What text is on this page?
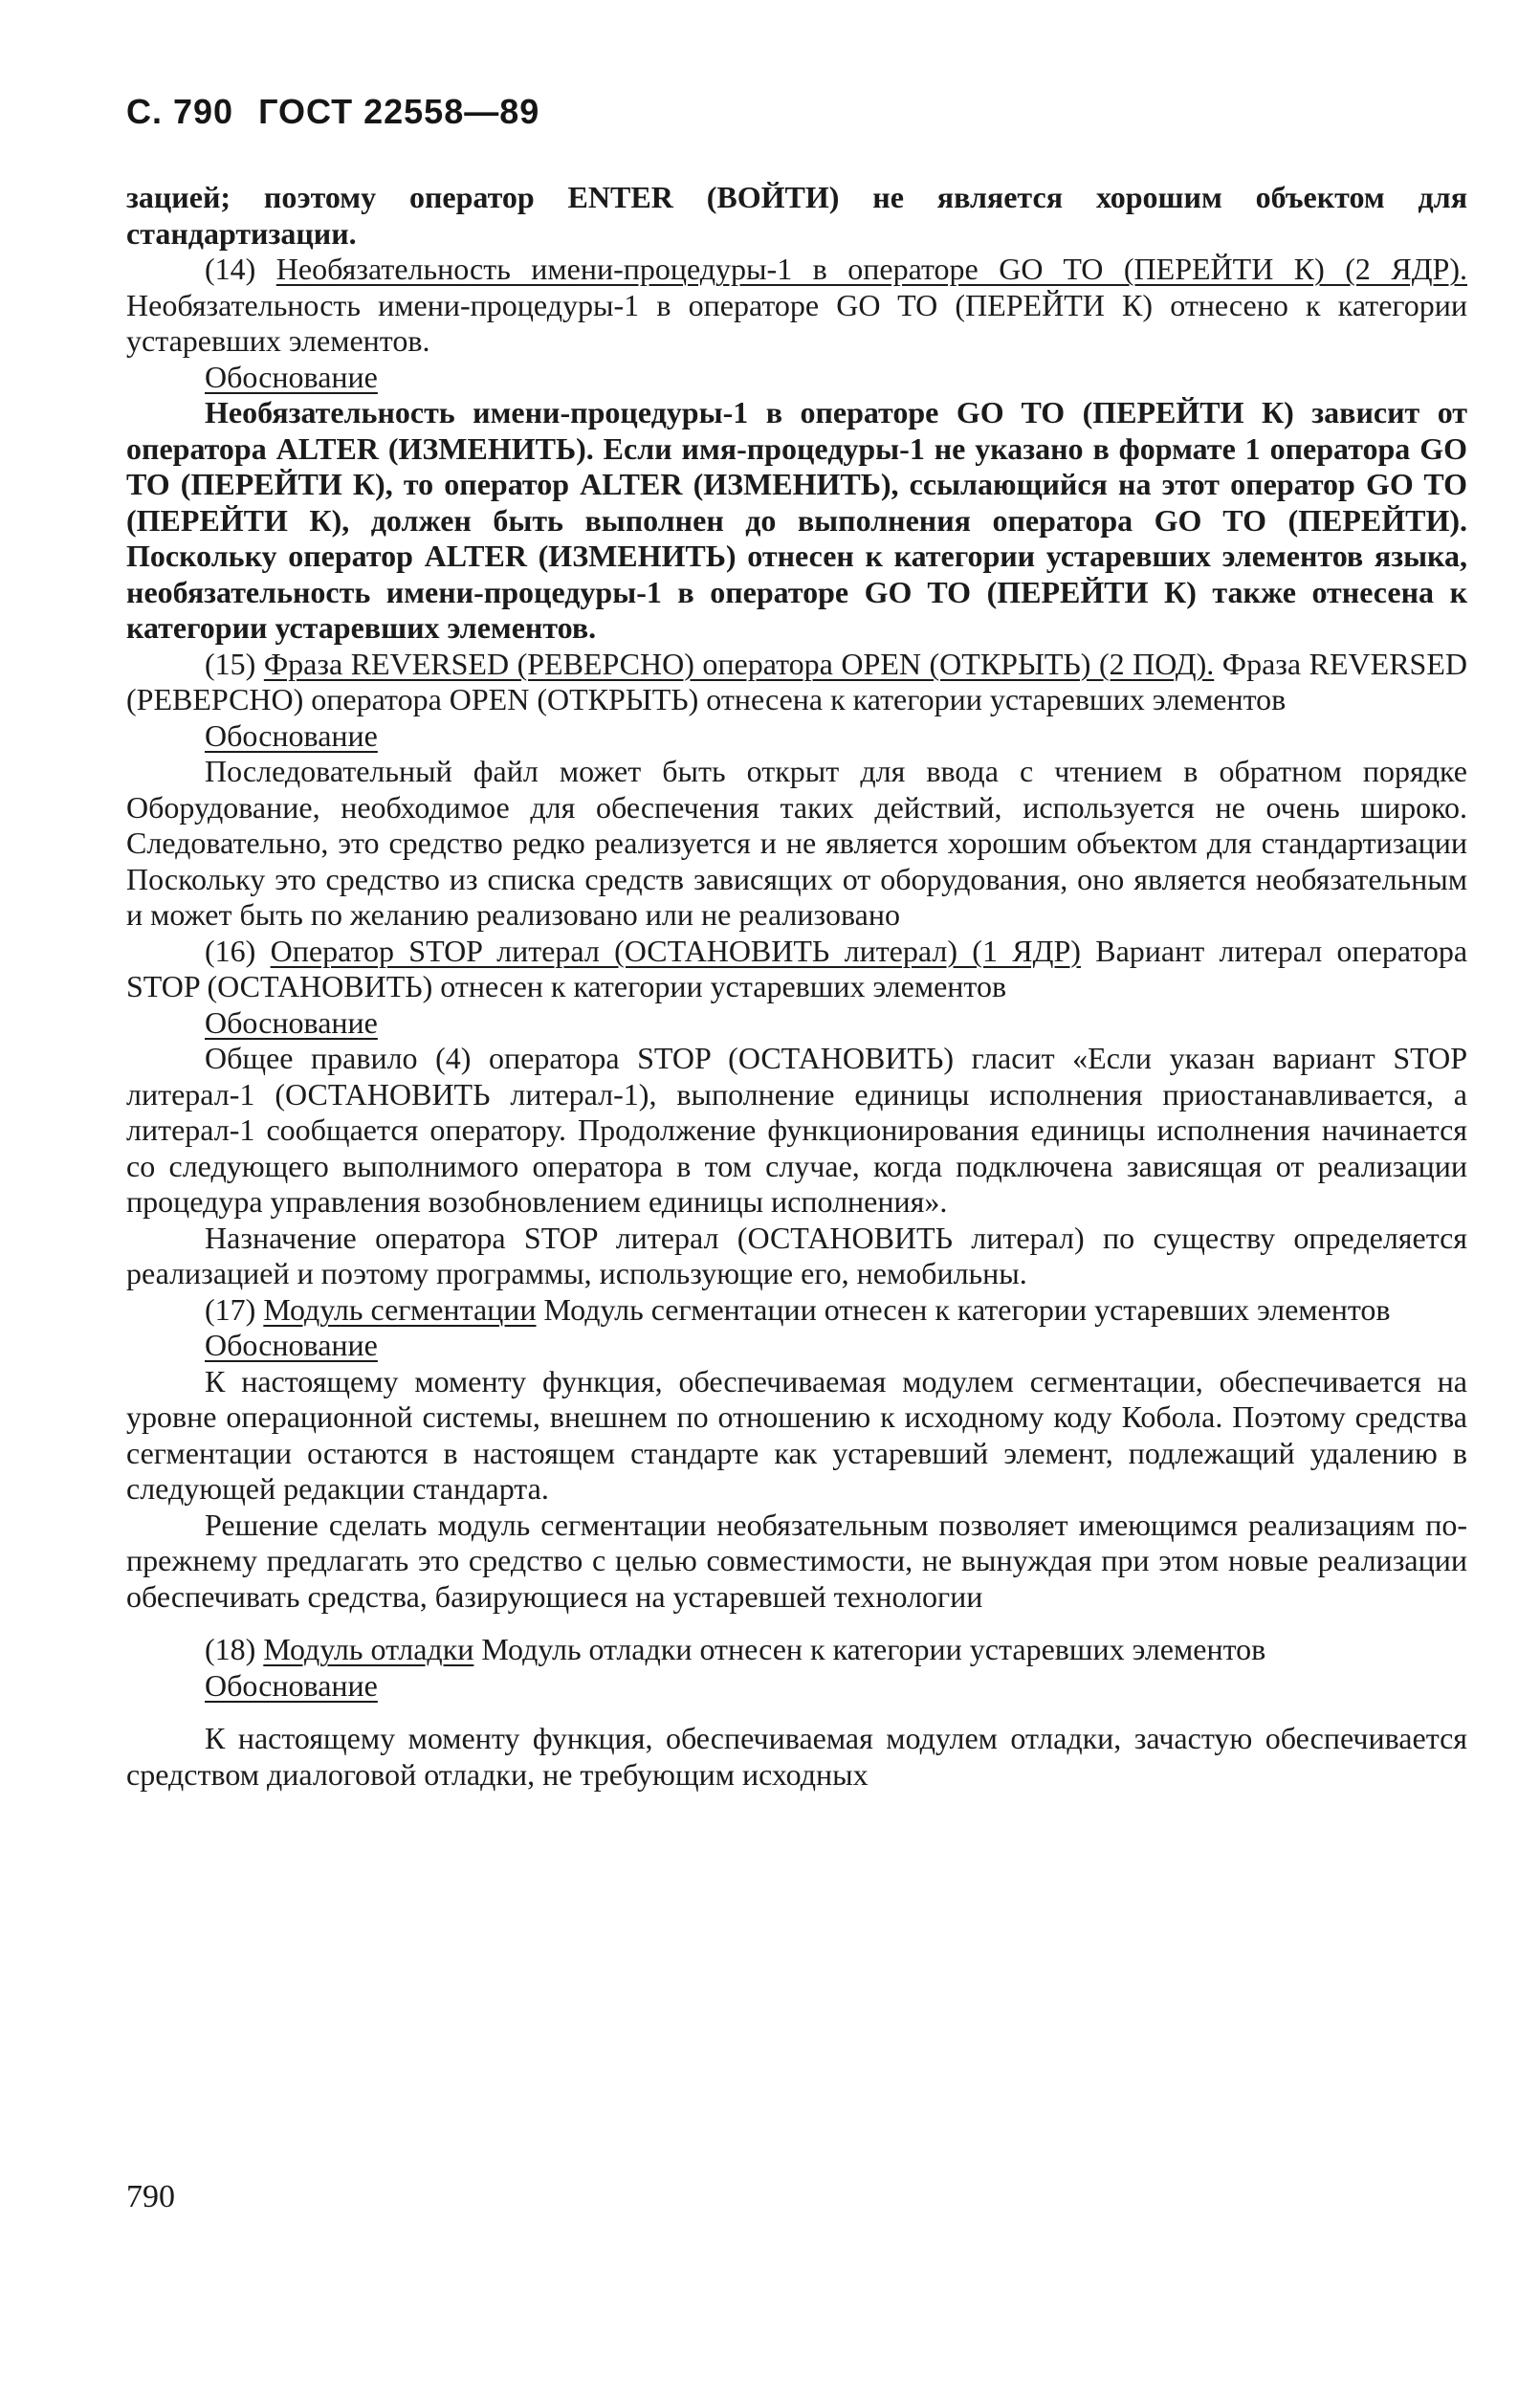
С. 790 ГОСТ 22558—89

зацией; поэтому оператор ENTER (ВОЙТИ) не является хорошим объектом для стандартизации.

(14) Необязательность имени-процедуры-1 в операторе GO TO (ПЕРЕЙТИ К) (2 ЯДР). Необязательность имени-процедуры-1 в операторе GO TO (ПЕРЕЙТИ К) отнесено к категории устаревших элементов.

Обоснование

Необязательность имени-процедуры-1 в операторе GO TO (ПЕРЕЙТИ К) зависит от оператора ALTER (ИЗМЕНИТЬ). Если имя-процедуры-1 не указано в формате 1 оператора GO TO (ПЕРЕЙТИ К), то оператор ALTER (ИЗМЕНИТЬ), ссылающийся на этот оператор GO TO (ПЕРЕЙТИ К), должен быть выполнен до выполнения оператора GO TO (ПЕРЕЙТИ). Поскольку оператор ALTER (ИЗМЕНИТЬ) отнесен к категории устаревших элементов языка, необязательность имени-процедуры-1 в операторе GO TO (ПЕРЕЙТИ К) также отнесена к категории устаревших элементов.

(15) Фраза REVERSED (РЕВЕРСНО) оператора OPEN (ОТКРЫТЬ) (2 ПОД). Фраза REVERSED (РЕВЕРСНО) оператора OPEN (ОТКРЫТЬ) отнесена к категории устаревших элементов

Обоснование

Последовательный файл может быть открыт для ввода с чтением в обратном порядке Оборудование, необходимое для обеспечения таких действий, используется не очень широко. Следовательно, это средство редко реализуется и не является хорошим объектом для стандартизации Поскольку это средство из списка средств зависящих от оборудования, оно является необязательным и может быть по желанию реализовано или не реализовано

(16) Оператор STOP литерал (ОСТАНОВИТЬ литерал) (1 ЯДР) Вариант литерал оператора STOP (ОСТАНОВИТЬ) отнесен к категории устаревших элементов

Обоснование

Общее правило (4) оператора STOP (ОСТАНОВИТЬ) гласит «Если указан вариант STOP литерал-1 (ОСТАНОВИТЬ литерал-1), выполнение единицы исполнения приостанавливается, а литерал-1 сообщается оператору. Продолжение функционирования единицы исполнения начинается со следующего выполнимого оператора в том случае, когда подключена зависящая от реализации процедура управления возобновлением единицы исполнения».

Назначение оператора STOP литерал (ОСТАНОВИТЬ литерал) по существу определяется реализацией и поэтому программы, использующие его, немобильны.

(17) Модуль сегментации Модуль сегментации отнесен к категории устаревших элементов

Обоснование

К настоящему моменту функция, обеспечиваемая модулем сегментации, обеспечивается на уровне операционной системы, внешнем по отношению к исходному коду Кобола. Поэтому средства сегментации остаются в настоящем стандарте как устаревший элемент, подлежащий удалению в следующей редакции стандарта.

Решение сделать модуль сегментации необязательным позволяет имеющимся реализациям по-прежнему предлагать это средство с целью совместимости, не вынуждая при этом новые реализации обеспечивать средства, базирующиеся на устаревшей технологии

(18) Модуль отладки Модуль отладки отнесен к категории устаревших элементов

Обоснование

К настоящему моменту функция, обеспечиваемая модулем отладки, зачастую обеспечивается средством диалоговой отладки, не требующим исходных

790
